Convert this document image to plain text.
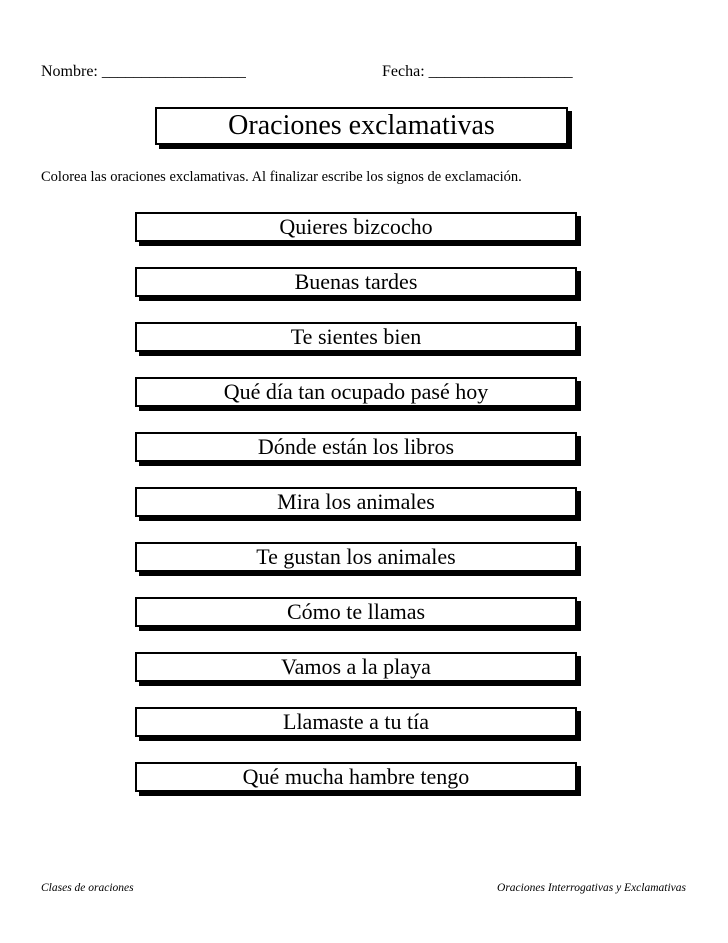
Nombre: __________________	Fecha: __________________
Oraciones exclamativas
Colorea las oraciones exclamativas. Al finalizar escribe los signos de exclamación.
Quieres bizcocho
Buenas tardes
Te sientes bien
Qué día tan ocupado pasé hoy
Dónde están los libros
Mira los animales
Te gustan los animales
Cómo te llamas
Vamos a la playa
Llamaste a tu tía
Qué mucha hambre tengo
Clases de oraciones	Oraciones Interrogativas y Exclamativas
